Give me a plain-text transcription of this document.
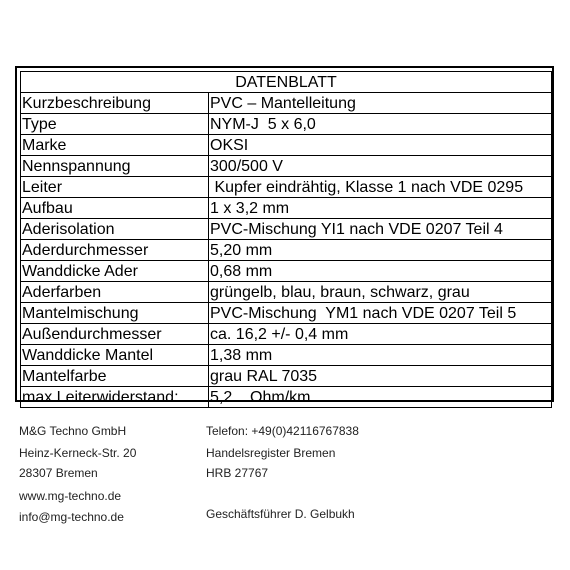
DATENBLATT	
Kurzbeschreibung	PVC – Mantelleitung
Type	NYM-J  5 x 6,0
Marke	OKSI
Nennspannung	300/500 V
Leiter	Kupfer eindrähtig, Klasse 1 nach VDE 0295
Aufbau	1 x 3,2 mm
Aderisolation	PVC-Mischung YI1 nach VDE 0207 Teil 4
Aderdurchmesser	5,20 mm
Wanddicke Ader	0,68 mm
Aderfarben	grüngelb, blau, braun, schwarz, grau
Mantelmischung	PVC-Mischung  YM1 nach VDE 0207 Teil 5
Außendurchmesser	ca. 16,2 +/- 0,4 mm
Wanddicke Mantel	1,38 mm
Mantelfarbe	grau RAL 7035
max.Leiterwiderstand:	5,2    Ohm/km
M&G Techno GmbH
Heinz-Kerneck-Str. 20
28307 Bremen
www.mg-techno.de
info@mg-techno.de
Telefon: +49(0)42116767838
Handelsregister Bremen
HRB 27767
Geschäftsführer D. Gelbukh
